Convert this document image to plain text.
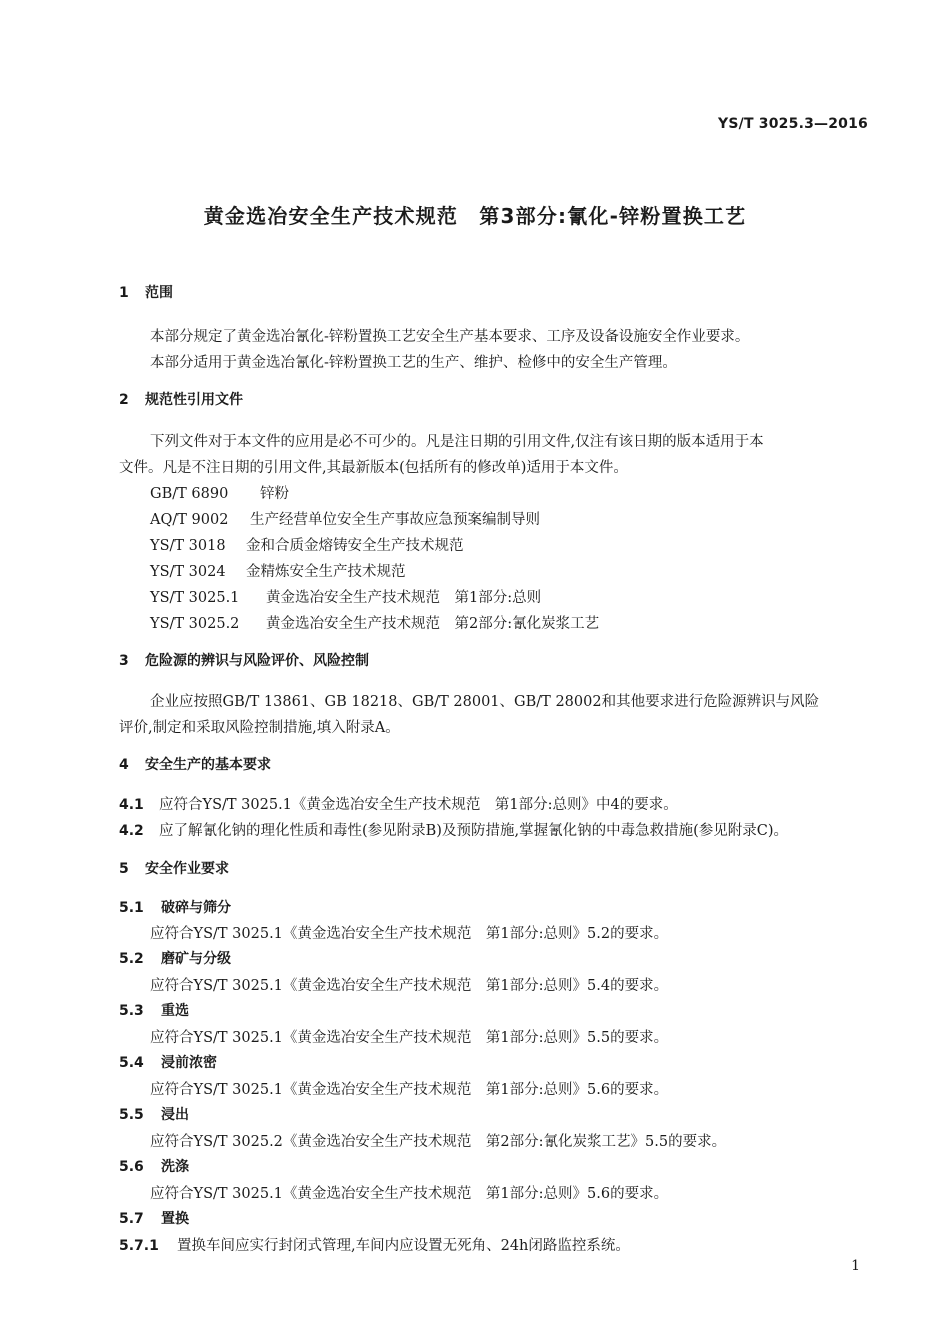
YS/T 3025.3—2016
黄金选冶安全生产技术规范　第3部分:氰化-锌粉置换工艺
1 范围
本部分规定了黄金选冶氰化-锌粉置换工艺安全生产基本要求、工序及设备设施安全作业要求。
本部分适用于黄金选冶氰化-锌粉置换工艺的生产、维护、检修中的安全生产管理。
2 规范性引用文件
下列文件对于本文件的应用是必不可少的。凡是注日期的引用文件,仅注有该日期的版本适用于本
文件。凡是不注日期的引用文件,其最新版本(包括所有的修改单)适用于本文件。
GB/T 6890 锌粉
AQ/T 9002 生产经营单位安全生产事故应急预案编制导则
YS/T 3018 金和合质金熔铸安全生产技术规范
YS/T 3024 金精炼安全生产技术规范
YS/T 3025.1 黄金选冶安全生产技术规范　第1部分:总则
YS/T 3025.2 黄金选冶安全生产技术规范　第2部分:氰化炭浆工艺
3 危险源的辨识与风险评价、风险控制
企业应按照GB/T 13861、GB 18218、GB/T 28001、GB/T 28002和其他要求进行危险源辨识与风险
评价,制定和采取风险控制措施,填入附录A。
4 安全生产的基本要求
4.1 应符合YS/T 3025.1《黄金选冶安全生产技术规范　第1部分:总则》中4的要求。
4.2 应了解氰化钠的理化性质和毒性(参见附录B)及预防措施,掌握氰化钠的中毒急救措施(参见附录C)。
5 安全作业要求
5.1 破碎与筛分
应符合YS/T 3025.1《黄金选冶安全生产技术规范　第1部分:总则》5.2的要求。
5.2 磨矿与分级
应符合YS/T 3025.1《黄金选冶安全生产技术规范　第1部分:总则》5.4的要求。
5.3 重选
应符合YS/T 3025.1《黄金选冶安全生产技术规范　第1部分:总则》5.5的要求。
5.4 浸前浓密
应符合YS/T 3025.1《黄金选冶安全生产技术规范　第1部分:总则》5.6的要求。
5.5 浸出
应符合YS/T 3025.2《黄金选冶安全生产技术规范　第2部分:氰化炭浆工艺》5.5的要求。
5.6 洗涤
应符合YS/T 3025.1《黄金选冶安全生产技术规范　第1部分:总则》5.6的要求。
5.7 置换
5.7.1 置换车间应实行封闭式管理,车间内应设置无死角、24h闭路监控系统。
1
